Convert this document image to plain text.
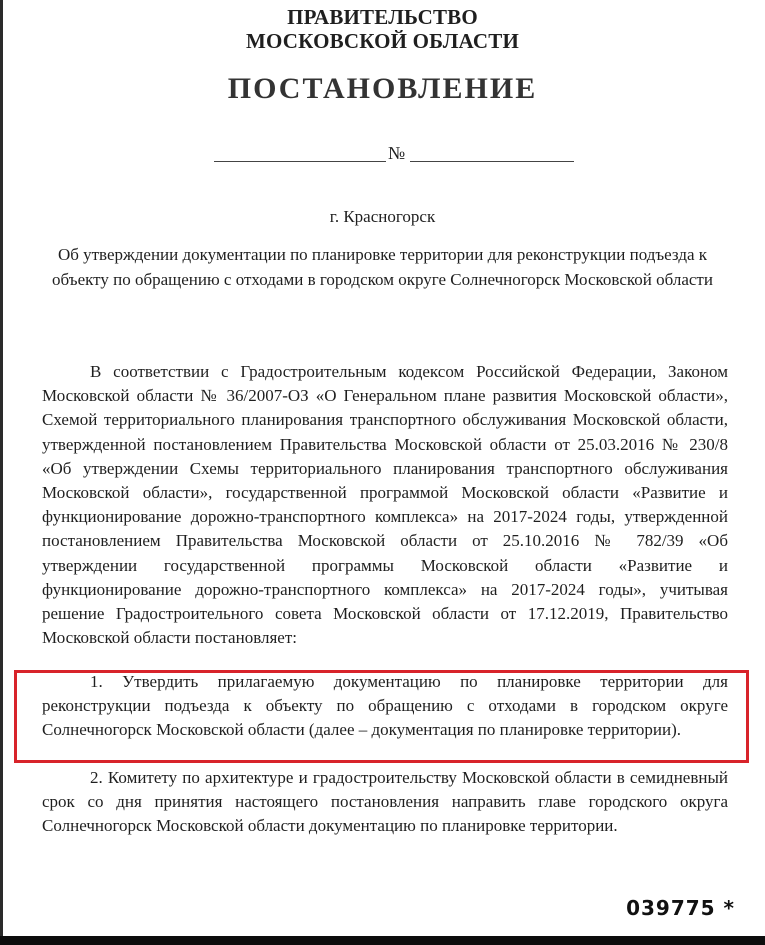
ПРАВИТЕЛЬСТВО
МОСКОВСКОЙ ОБЛАСТИ
ПОСТАНОВЛЕНИЕ
№
г. Красногорск
Об утверждении документации по планировке территории для реконструкции подъезда к объекту по обращению с отходами в городском округе Солнечногорск Московской области
В соответствии с Градостроительным кодексом Российской Федерации, Законом Московской области № 36/2007-ОЗ «О Генеральном плане развития Московской области», Схемой территориального планирования транспортного обслуживания Московской области, утвержденной постановлением Правительства Московской области от 25.03.2016 № 230/8 «Об утверждении Схемы территориального планирования транспортного обслуживания Московской области», государственной программой Московской области «Развитие и функционирование дорожно-транспортного комплекса» на 2017-2024 годы, утвержденной постановлением Правительства Московской области от 25.10.2016 № 782/39 «Об утверждении государственной программы Московской области «Развитие и функционирование дорожно-транспортного комплекса» на 2017-2024 годы», учитывая решение Градостроительного совета Московской области от 17.12.2019, Правительство Московской области постановляет:
1. Утвердить прилагаемую документацию по планировке территории для реконструкции подъезда к объекту по обращению с отходами в городском округе Солнечногорск Московской области (далее – документация по планировке территории).
2. Комитету по архитектуре и градостроительству Московской области в семидневный срок со дня принятия настоящего постановления направить главе городского округа Солнечногорск Московской области документацию по планировке территории.
039775 *
